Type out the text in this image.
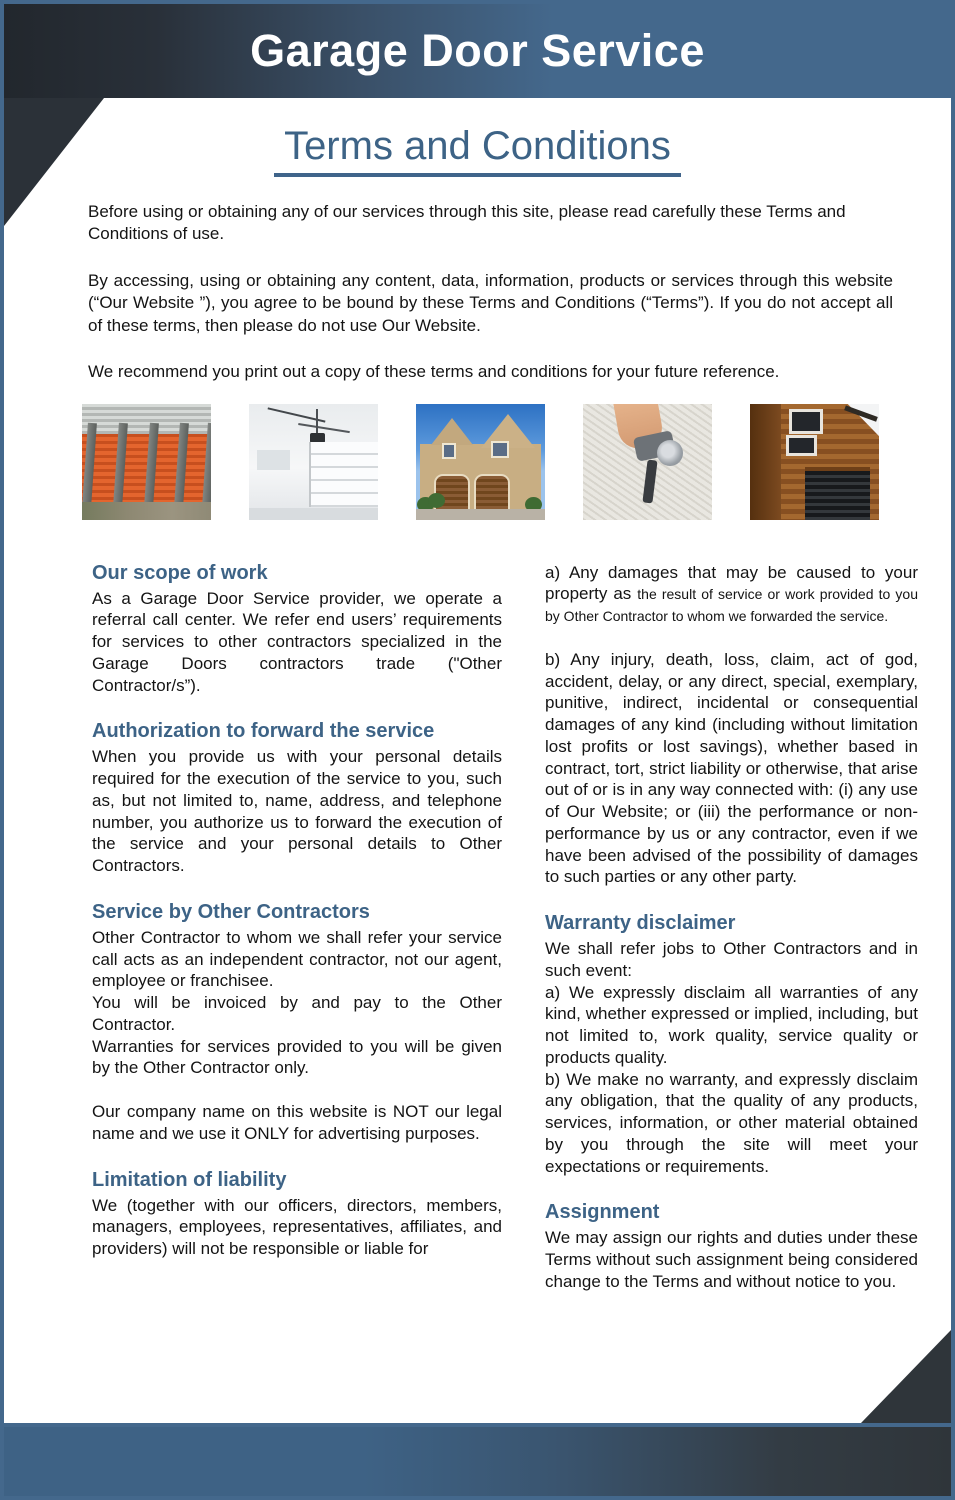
Garage Door Service
Terms and Conditions

Before using or obtaining any of our services through this site, please read carefully these Terms and Conditions of use.

By accessing, using or obtaining any content, data, information, products or services through this website (“Our Website ”), you agree to be bound by these Terms and Conditions (“Terms”). If you do not accept all of these terms, then please do not use Our Website.

We recommend you print out a copy of these terms and conditions for your future reference.

Our scope of work

As a Garage Door Service provider, we operate a referral call center. We refer end users’ requirements for services to other contractors specialized in the Garage Doors contractors trade ("Other Contractor/s”).

Authorization to forward the service

When you provide us with your personal details required for the execution of the service to you, such as, but not limited to, name, address, and telephone number, you authorize us to forward the execution of the service and your personal details to Other Contractors.

Service by Other Contractors

Other Contractor to whom we shall refer your service call acts as an independent contractor, not our agent, employee or franchisee.

You will be invoiced by and pay to the Other Contractor.

Warranties for services provided to you will be given by the Other Contractor only.

Our company name on this website is NOT our legal name and we use it ONLY for advertising purposes.

Limitation of liability

We (together with our officers, directors, members, managers, employees, representatives, affiliates, and providers) will not be responsible or liable for

a) Any damages that may be caused to your property as the result of service or work provided to you by Other Contractor to whom we forwarded the service.

b) Any injury, death, loss, claim, act of god, accident, delay, or any direct, special, exemplary, punitive, indirect, incidental or consequential damages of any kind (including without limitation lost profits or lost savings), whether based in contract, tort, strict liability or otherwise, that arise out of or is in any way connected with: (i) any use of Our Website; or (iii) the performance or non-performance by us or any contractor, even if we have been advised of the possibility of damages to such parties or any other party.

Warranty disclaimer

We shall refer jobs to Other Contractors and in such event:

a) We expressly disclaim all warranties of any kind, whether expressed or implied, including, but not limited to, work quality, service quality or products quality.

b) We make no warranty, and expressly disclaim any obligation, that the quality of any products, services, information, or other material obtained by you through the site will meet your expectations or requirements.

Assignment

We may assign our rights and duties under these Terms without such assignment being considered change to the Terms and without notice to you.
